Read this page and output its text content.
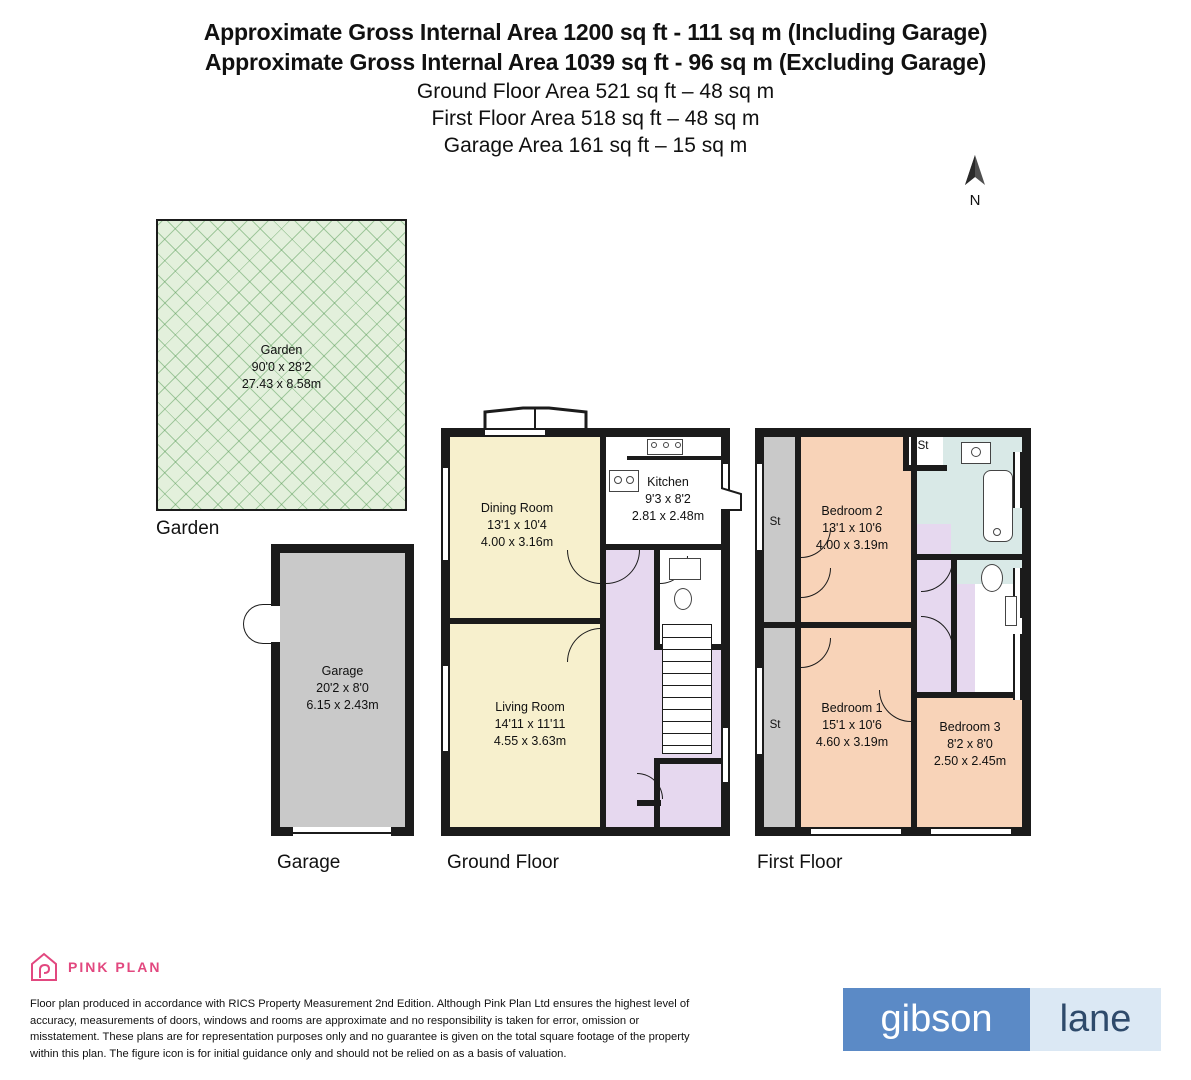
Approximate Gross Internal Area 1200 sq ft - 111 sq m (Including Garage)
Approximate Gross Internal Area 1039 sq ft - 96 sq m (Excluding Garage)
Ground Floor Area 521 sq ft – 48 sq m
First Floor Area 518 sq ft – 48 sq m
Garage Area 161 sq ft – 15 sq m
N
Garden
90'0 x 28'2
27.43 x 8.58m
Garden
Garage
20'2 x 8'0
6.15 x 2.43m
Garage
Dining Room
13'1 x 10'4
4.00 x 3.16m
Kitchen
9'3 x 8'2
2.81 x 2.48m
Living Room
14'11 x 11'11
4.55 x 3.63m
Ground Floor
St
St
St
Bedroom 2
13'1 x 10'6
4.00 x 3.19m
Bedroom 1
15'1 x 10'6
4.60 x 3.19m
Bedroom 3
8'2 x 8'0
2.50 x 2.45m
First Floor
PINK PLAN
Floor plan produced in accordance with RICS Property Measurement 2nd Edition. Although Pink Plan Ltd ensures the highest level of accuracy, measurements of doors, windows and rooms are approximate and no responsibility is taken for error, omission or misstatement. These plans are for representation purposes only and no guarantee is given on the total square footage of the property within this plan. The figure icon is for initial guidance only and should not be relied on as a basis of valuation.
gibson	lane
